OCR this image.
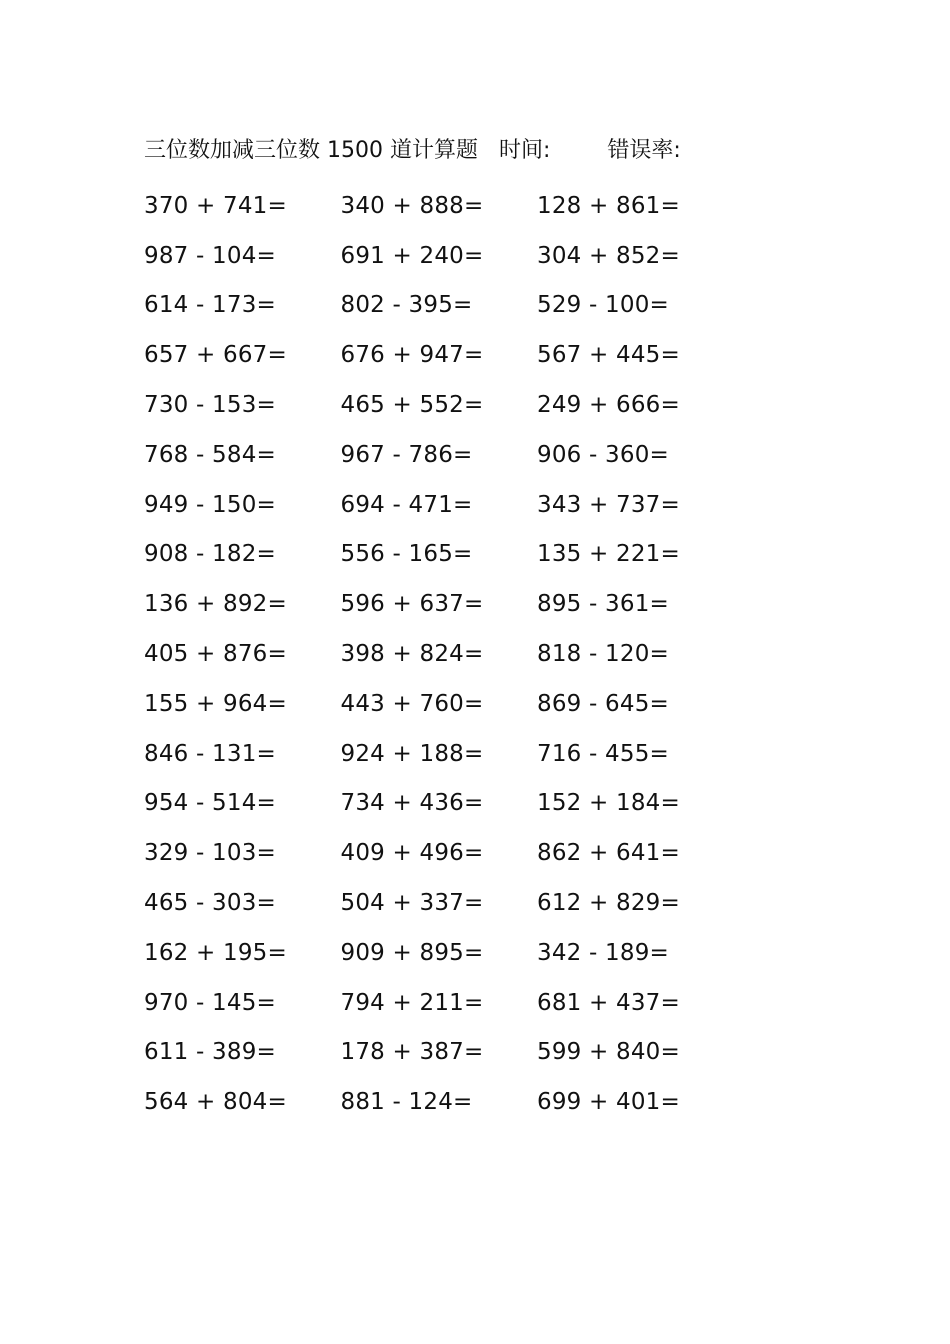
三位数加减三位数 1500 道计算题 时间:	错误率:
370 + 741=	340 + 888=	128 + 861=
987 - 104=	691 + 240=	304 + 852=
614 - 173=	802 - 395=	529 - 100=
657 + 667=	676 + 947=	567 + 445=
730 - 153=	465 + 552=	249 + 666=
768 - 584=	967 - 786=	906 - 360=
949 - 150=	694 - 471=	343 + 737=
908 - 182=	556 - 165=	135 + 221=
136 + 892=	596 + 637=	895 - 361=
405 + 876=	398 + 824=	818 - 120=
155 + 964=	443 + 760=	869 - 645=
846 - 131=	924 + 188=	716 - 455=
954 - 514=	734 + 436=	152 + 184=
329 - 103=	409 + 496=	862 + 641=
465 - 303=	504 + 337=	612 + 829=
162 + 195=	909 + 895=	342 - 189=
970 - 145=	794 + 211=	681 + 437=
611 - 389=	178 + 387=	599 + 840=
564 + 804=	881 - 124=	699 + 401=
